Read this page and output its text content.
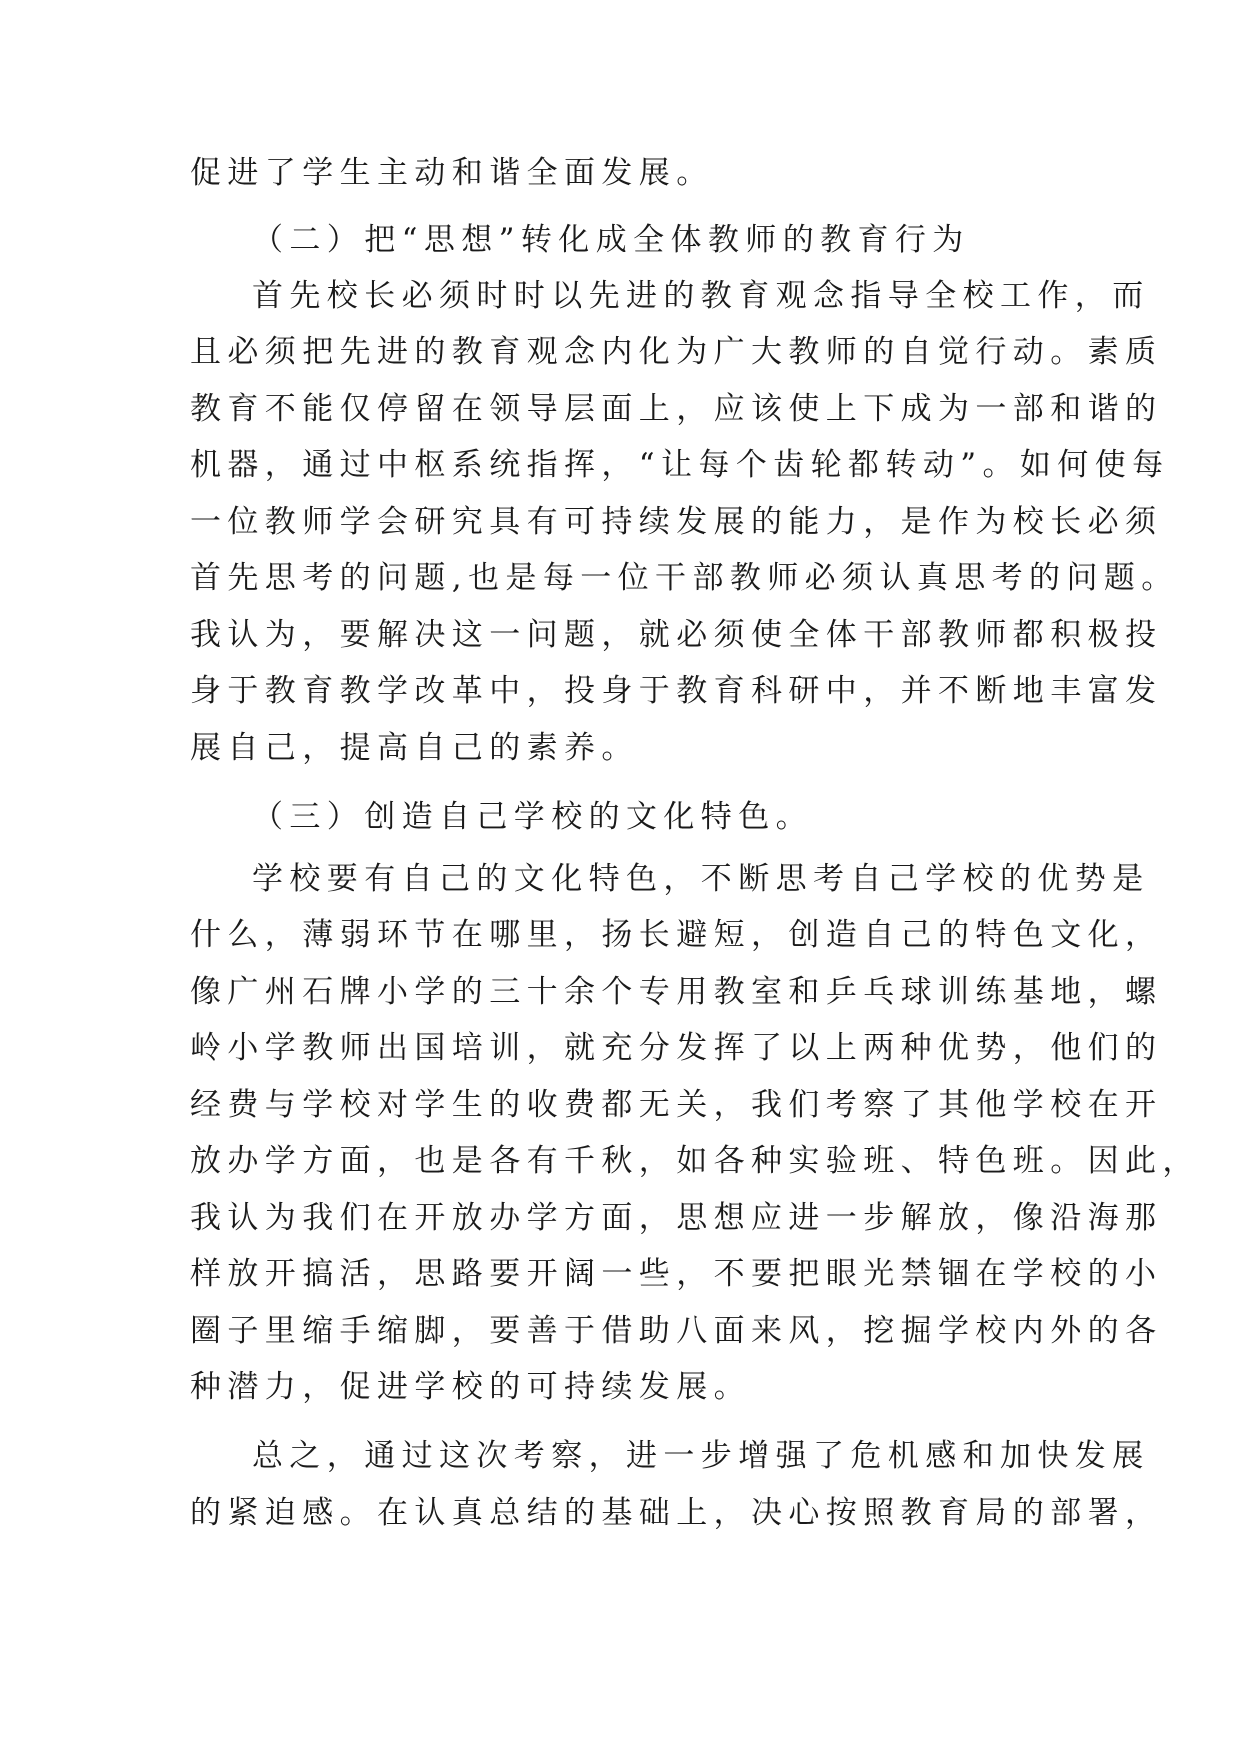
促进了学生主动和谐全面发展。
（二）把“思想”转化成全体教师的教育行为
首先校长必须时时以先进的教育观念指导全校工作，而
且必须把先进的教育观念内化为广大教师的自觉行动。素质
教育不能仅停留在领导层面上，应该使上下成为一部和谐的
机器，通过中枢系统指挥，“让每个齿轮都转动”。如何使每
一位教师学会研究具有可持续发展的能力，是作为校长必须
首先思考的问题,也是每一位干部教师必须认真思考的问题。
我认为，要解决这一问题，就必须使全体干部教师都积极投
身于教育教学改革中，投身于教育科研中，并不断地丰富发
展自己，提高自己的素养。
（三）创造自己学校的文化特色。
学校要有自己的文化特色，不断思考自己学校的优势是
什么，薄弱环节在哪里，扬长避短，创造自己的特色文化，
像广州石牌小学的三十余个专用教室和乒乓球训练基地，螺
岭小学教师出国培训，就充分发挥了以上两种优势，他们的
经费与学校对学生的收费都无关，我们考察了其他学校在开
放办学方面，也是各有千秋，如各种实验班、特色班。因此，
我认为我们在开放办学方面，思想应进一步解放，像沿海那
样放开搞活，思路要开阔一些，不要把眼光禁锢在学校的小
圈子里缩手缩脚，要善于借助八面来风，挖掘学校内外的各
种潜力，促进学校的可持续发展。
总之，通过这次考察，进一步增强了危机感和加快发展
的紧迫感。在认真总结的基础上，决心按照教育局的部署，
